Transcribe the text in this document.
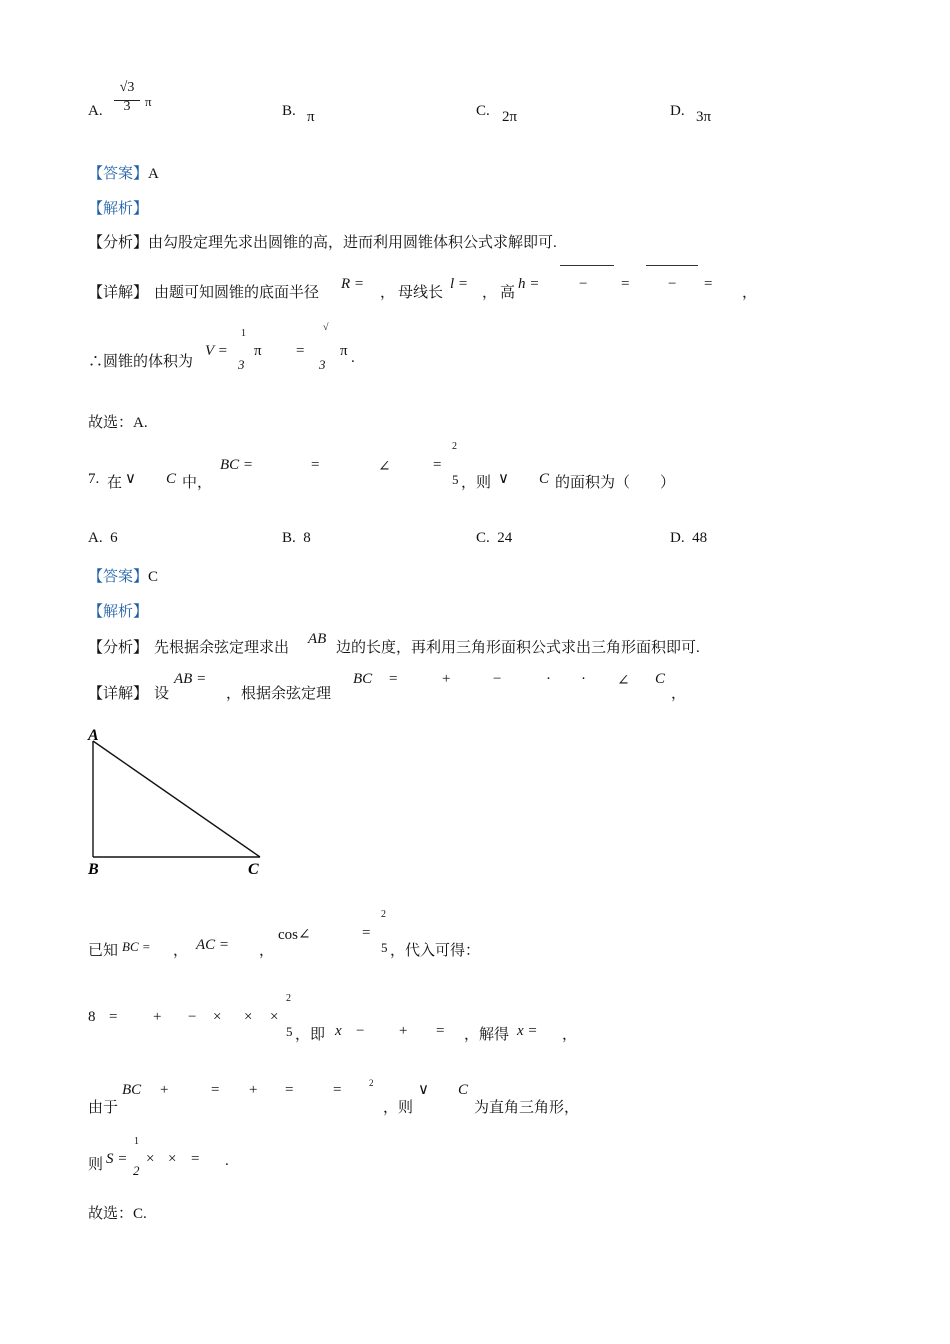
A.
√3
3	π
B. π	C. 2π	D. 3π
【答案】A
【解析】
【分析】由勾股定理先求出圆锥的高，进而利用圆锥体积公式求解即可.
【详解】 由题可知圆锥的底面半径
R =
， 母线长
l =
， 高
h =	− =	− =
，
∴圆锥的体积为
V =
1
3
π =
√
3
π .
故选：A.
7. 在 ∨ C 中，
BC =	=	∠	=
2
5 ，则 ∨ C 的面积为（　　）
A.  6	B.  8	C.  24	D.  48
【答案】C
【解析】
【分析】 先根据余弦定理求出
AB
边的长度，再利用三角形面积公式求出三角形面积即可.
【详解】 设
AB =
，根据余弦定理
BC =	+	−	· · ∠ C
，
A
B	C
已知 BC = ， AC = ，
cos∠	=
2
5 ，代入可得：
8 = + − × × ×
2
5 ，即 x − + = ，解得 x = ，
由于
BC +	= + =	=	2
，则
∨ C
为直角三角形，
则 S =
1
2
× × = .
故选：C.
